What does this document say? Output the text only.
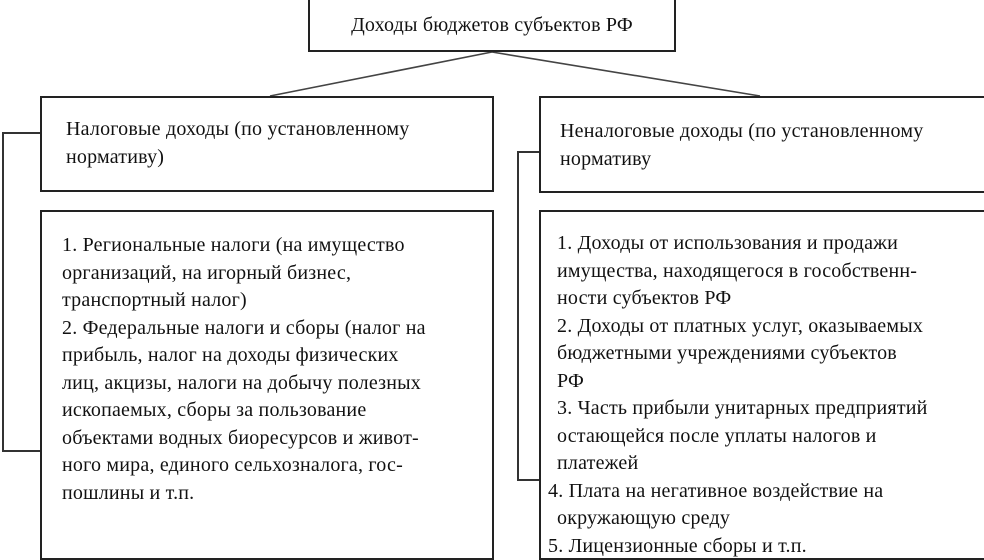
Доходы бюджетов субъектов РФ
Налоговые доходы (по установленному
нормативу)
Неналоговые доходы (по установленному
нормативу
1. Региональные налоги (на имущество
организаций, на игорный бизнес,
транспортный налог)
2. Федеральные налоги и сборы (налог на
прибыль, налог на доходы физических
лиц, акцизы, налоги на добычу полезных
ископаемых, сборы за пользование
объектами водных биоресурсов и живот-
ного мира, единого сельхозналога, гос-
пошлины и т.п.
1. Доходы от использования и продажи
имущества, находящегося в гособственн-
ности субъектов РФ
2. Доходы от платных услуг, оказываемых
бюджетными учреждениями субъектов
РФ
3. Часть прибыли унитарных предприятий
остающейся после уплаты налогов и
платежей
4. Плата на негативное воздействие на
окружающую среду
5. Лицензионные сборы и т.п.
